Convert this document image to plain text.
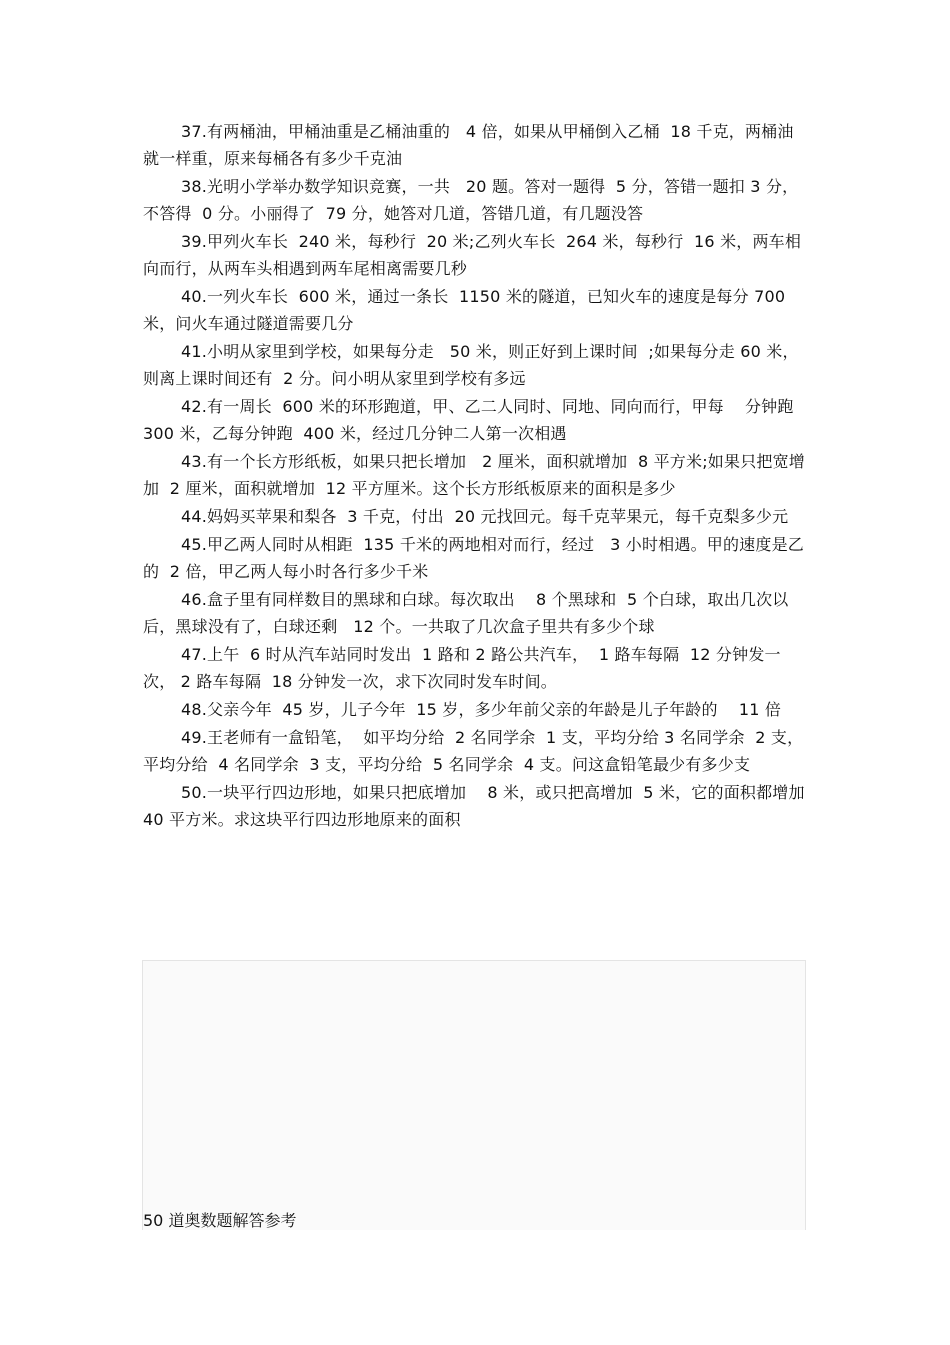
37.有两桶油，甲桶油重是乙桶油重的   4 倍，如果从甲桶倒入乙桶  18 千克，两桶油就一样重，原来每桶各有多少千克油

38.光明小学举办数学知识竞赛，一共   20 题。答对一题得  5 分，答错一题扣 3 分，不答得  0 分。小丽得了  79 分，她答对几道，答错几道，有几题没答

39.甲列火车长  240 米，每秒行  20 米;乙列火车长  264 米，每秒行  16 米，两车相向而行，从两车头相遇到两车尾相离需要几秒

40.一列火车长  600 米，通过一条长  1150 米的隧道，已知火车的速度是每分 700 米，问火车通过隧道需要几分

41.小明从家里到学校，如果每分走   50 米，则正好到上课时间  ;如果每分走 60 米，则离上课时间还有  2 分。问小明从家里到学校有多远

42.有一周长  600 米的环形跑道，甲、乙二人同时、同地、同向而行，甲每    分钟跑  300 米，乙每分钟跑  400 米，经过几分钟二人第一次相遇

43.有一个长方形纸板，如果只把长增加   2 厘米，面积就增加  8 平方米;如果只把宽增加  2 厘米，面积就增加  12 平方厘米。这个长方形纸板原来的面积是多少

44.妈妈买苹果和梨各  3 千克，付出  20 元找回元。每千克苹果元，每千克梨多少元

45.甲乙两人同时从相距  135 千米的两地相对而行，经过   3 小时相遇。甲的速度是乙的  2 倍，甲乙两人每小时各行多少千米

46.盒子里有同样数目的黑球和白球。每次取出    8 个黑球和  5 个白球，取出几次以后，黑球没有了，白球还剩   12 个。一共取了几次盒子里共有多少个球

47.上午  6 时从汽车站同时发出  1 路和 2 路公共汽车，  1 路车每隔  12 分钟发一次， 2 路车每隔  18 分钟发一次，求下次同时发车时间。

48.父亲今年  45 岁，儿子今年  15 岁，多少年前父亲的年龄是儿子年龄的    11 倍

49.王老师有一盒铅笔，  如平均分给  2 名同学余  1 支，平均分给 3 名同学余  2 支，平均分给  4 名同学余  3 支，平均分给  5 名同学余  4 支。问这盒铅笔最少有多少支

50.一块平行四边形地，如果只把底增加    8 米，或只把高增加  5 米，它的面积都增加  40 平方米。求这块平行四边形地原来的面积

50 道奥数题解答参考
